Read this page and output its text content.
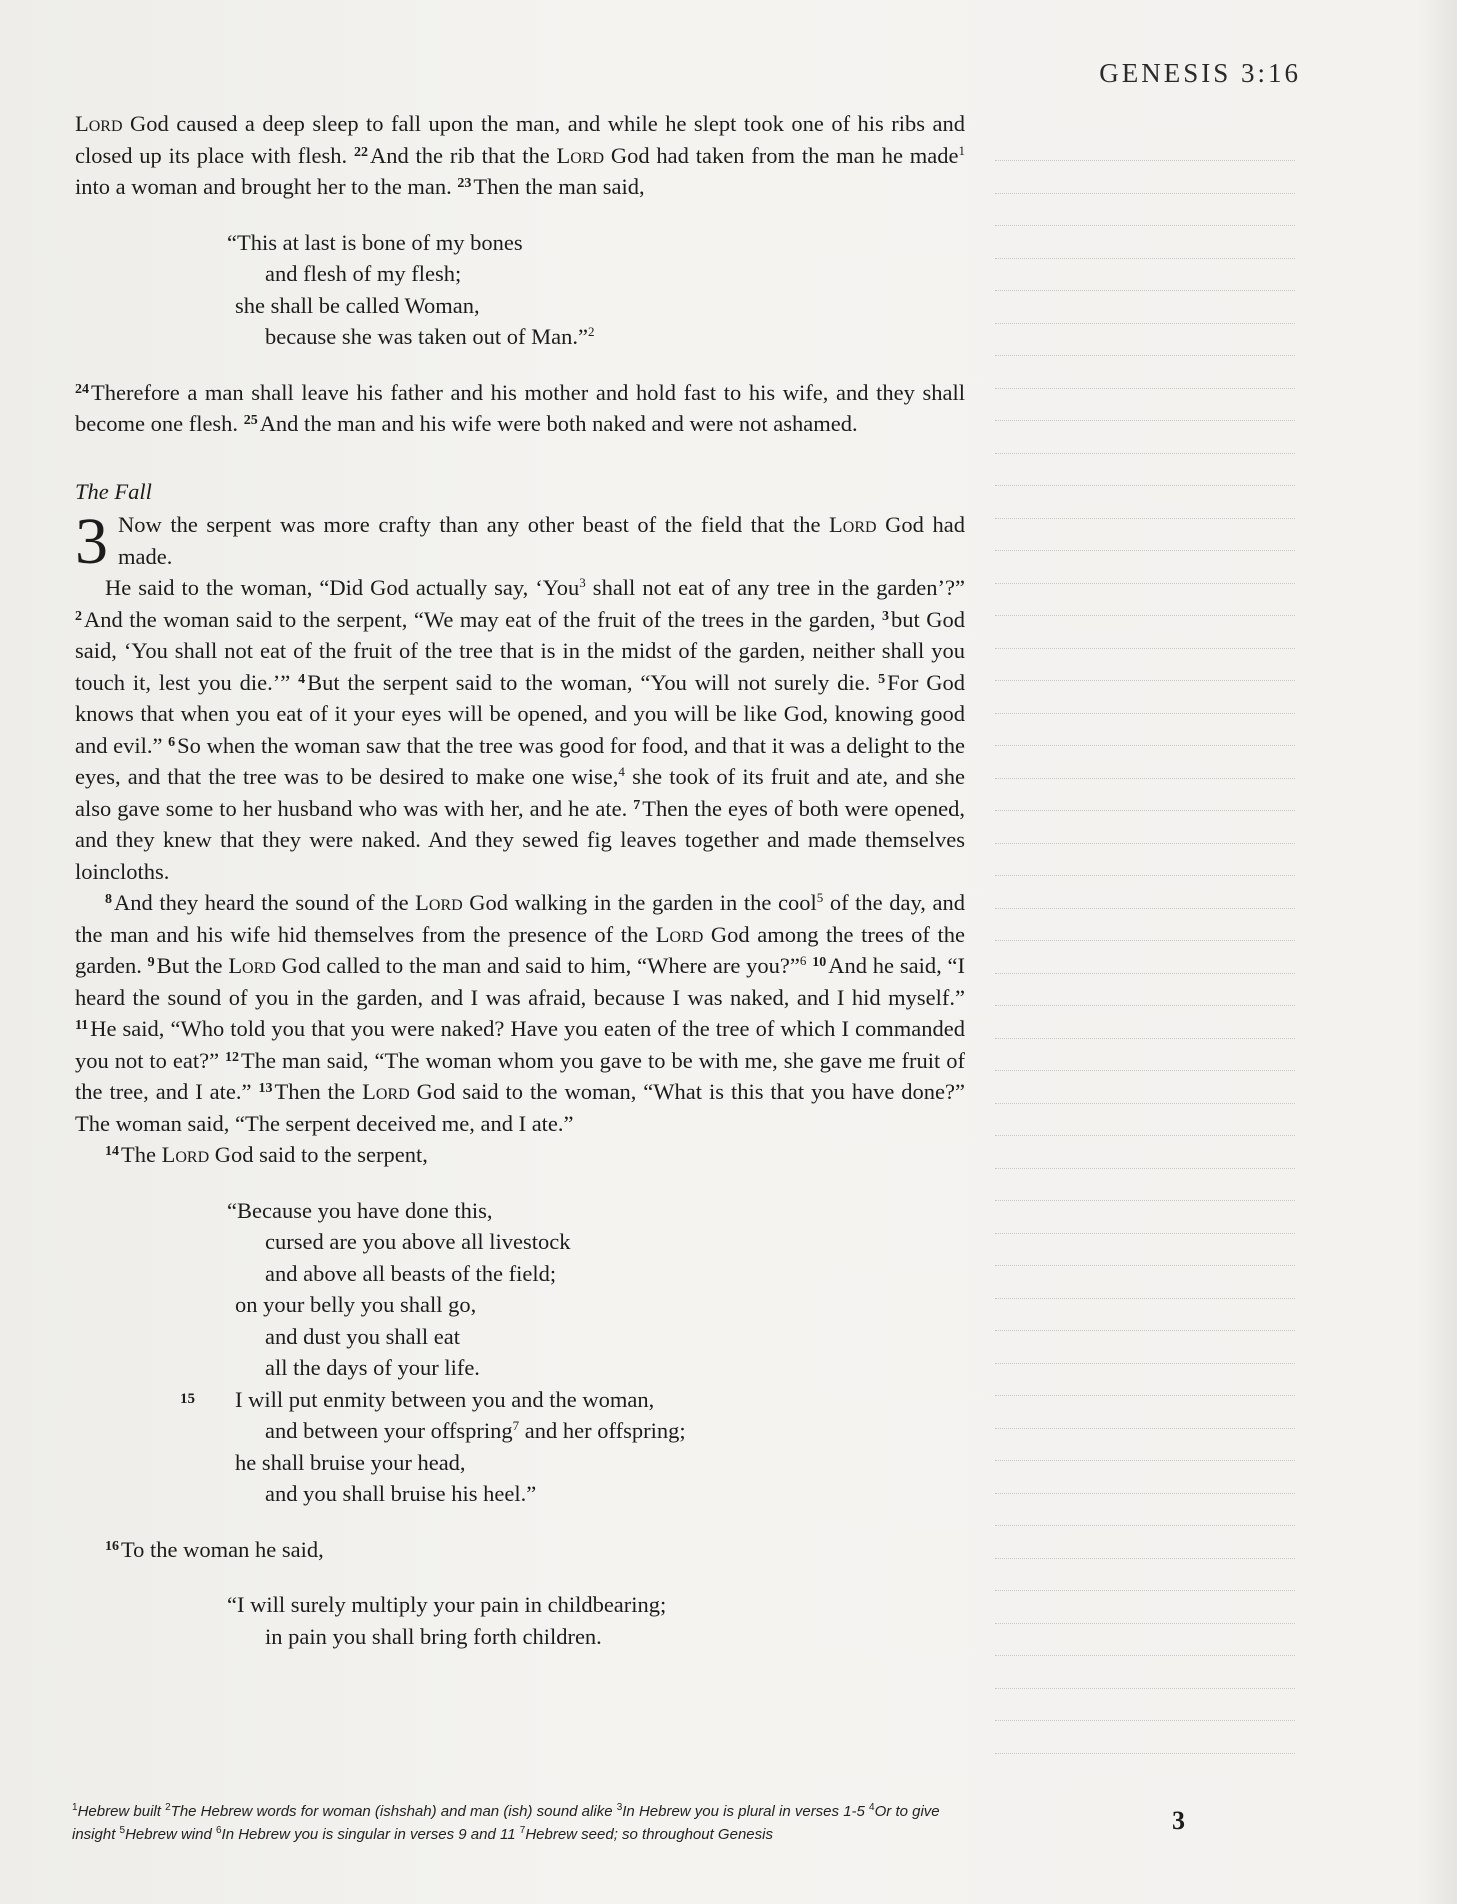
GENESIS 3:16

Lord God caused a deep sleep to fall upon the man, and while he slept took one of his ribs and closed up its place with flesh. $^{22}$And the rib that the Lord God had taken from the man he made$^1$ into a woman and brought her to the man. $^{23}$Then the man said,

“This at last is bone of my bones
and flesh of my flesh;
she shall be called Woman,
because she was taken out of Man.”$^2$

$^{24}$Therefore a man shall leave his father and his mother and hold fast to his wife, and they shall become one flesh. $^{25}$And the man and his wife were both naked and were not ashamed.

The Fall

3 Now the serpent was more crafty than any other beast of the field that the Lord God had made.

He said to the woman, “Did God actually say, ‘You$^3$ shall not eat of any tree in the garden’?” $^2$And the woman said to the serpent, “We may eat of the fruit of the trees in the garden, $^3$but God said, ‘You shall not eat of the fruit of the tree that is in the midst of the garden, neither shall you touch it, lest you die.’” $^4$But the serpent said to the woman, “You will not surely die. $^5$For God knows that when you eat of it your eyes will be opened, and you will be like God, knowing good and evil.” $^6$So when the woman saw that the tree was good for food, and that it was a delight to the eyes, and that the tree was to be desired to make one wise,$^4$ she took of its fruit and ate, and she also gave some to her husband who was with her, and he ate. $^7$Then the eyes of both were opened, and they knew that they were naked. And they sewed fig leaves together and made themselves loincloths.

$^8$And they heard the sound of the Lord God walking in the garden in the cool$^5$ of the day, and the man and his wife hid themselves from the presence of the Lord God among the trees of the garden. $^9$But the Lord God called to the man and said to him, “Where are you?”$^6$ $^{10}$And he said, “I heard the sound of you in the garden, and I was afraid, because I was naked, and I hid myself.” $^{11}$He said, “Who told you that you were naked? Have you eaten of the tree of which I commanded you not to eat?” $^{12}$The man said, “The woman whom you gave to be with me, she gave me fruit of the tree, and I ate.” $^{13}$Then the Lord God said to the woman, “What is this that you have done?” The woman said, “The serpent deceived me, and I ate.”

$^{14}$The Lord God said to the serpent,

“Because you have done this,
cursed are you above all livestock
and above all beasts of the field;
on your belly you shall go,
and dust you shall eat
all the days of your life.
15 I will put enmity between you and the woman,
and between your offspring$^7$ and her offspring;
he shall bruise your head,
and you shall bruise his heel.”

$^{16}$To the woman he said,

“I will surely multiply your pain in childbearing;
in pain you shall bring forth children.
$^1$Hebrew built $^2$The Hebrew words for woman (ishshah) and man (ish) sound alike $^3$In Hebrew you is plural in verses 1-5 $^4$Or to give insight $^5$Hebrew wind $^6$In Hebrew you is singular in verses 9 and 11 $^7$Hebrew seed; so throughout Genesis	3
